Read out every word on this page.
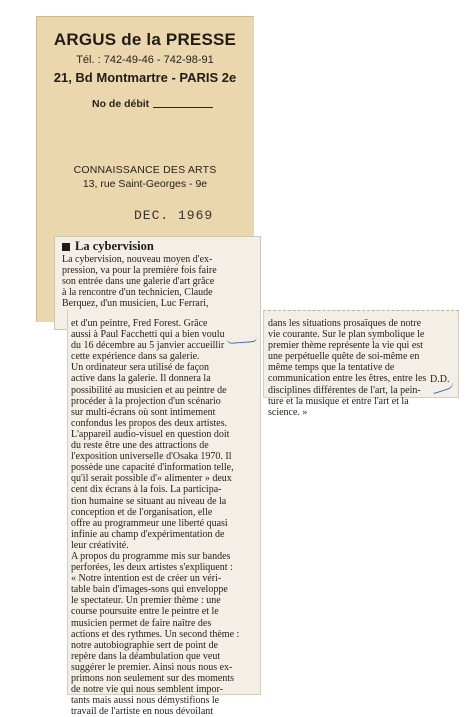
ARGUS de la PRESSE
Tél. : 742-49-46 - 742-98-91
21, Bd Montmartre - PARIS 2e
No de débit
CONNAISSANCE DES ARTS
13, rue Saint-Georges - 9e
DEC. 1969
La cybervision
La cybervision, nouveau moyen d'ex-
pression, va pour la première fois faire
son entrée dans une galerie d'art grâce
à la rencontre d'un technicien, Claude
Berquez, d'un musicien, Luc Ferrari,
et d'un peintre, Fred Forest. Grâce
aussi à Paul Facchetti qui a bien voulu
du 16 décembre au 5 janvier accueillir
cette expérience dans sa galerie.
Un ordinateur sera utilisé de façon
active dans la galerie. Il donnera la
possibilité au musicien et au peintre de
procéder à la projection d'un scénario
sur multi-écrans où sont intimement
confondus les propos des deux artistes.
L'appareil audio-visuel en question doit
du reste être une des attractions de
l'exposition universelle d'Osaka 1970. Il
possède une capacité d'information telle,
qu'il serait possible d'« alimenter » deux
cent dix écrans à la fois. La participa-
tion humaine se situant au niveau de la
conception et de l'organisation, elle
offre au programmeur une liberté quasi
infinie au champ d'expérimentation de
leur créativité.
A propos du programme mis sur bandes
perforées, les deux artistes s'expliquent :
« Notre intention est de créer un véri-
table bain d'images-sons qui enveloppe
le spectateur. Un premier thème : une
course poursuite entre le peintre et le
musicien permet de faire naître des
actions et des rythmes. Un second thème :
notre autobiographie sert de point de
repère dans la déambulation que veut
suggérer le premier. Ainsi nous nous ex-
primons non seulement sur des moments
de notre vie qui nous semblent impor-
tants mais aussi nous démystifions le
travail de l'artiste en nous dévoilant
dans les situations prosaïques de notre
vie courante. Sur le plan symbolique le
premier thème représente la vie qui est
une perpétuelle quête de soi-même en
même temps que la tentative de
communication entre les êtres, entre les
disciplines différentes de l'art, la pein-
ture et la musique et entre l'art et la
science. »
D.D.
